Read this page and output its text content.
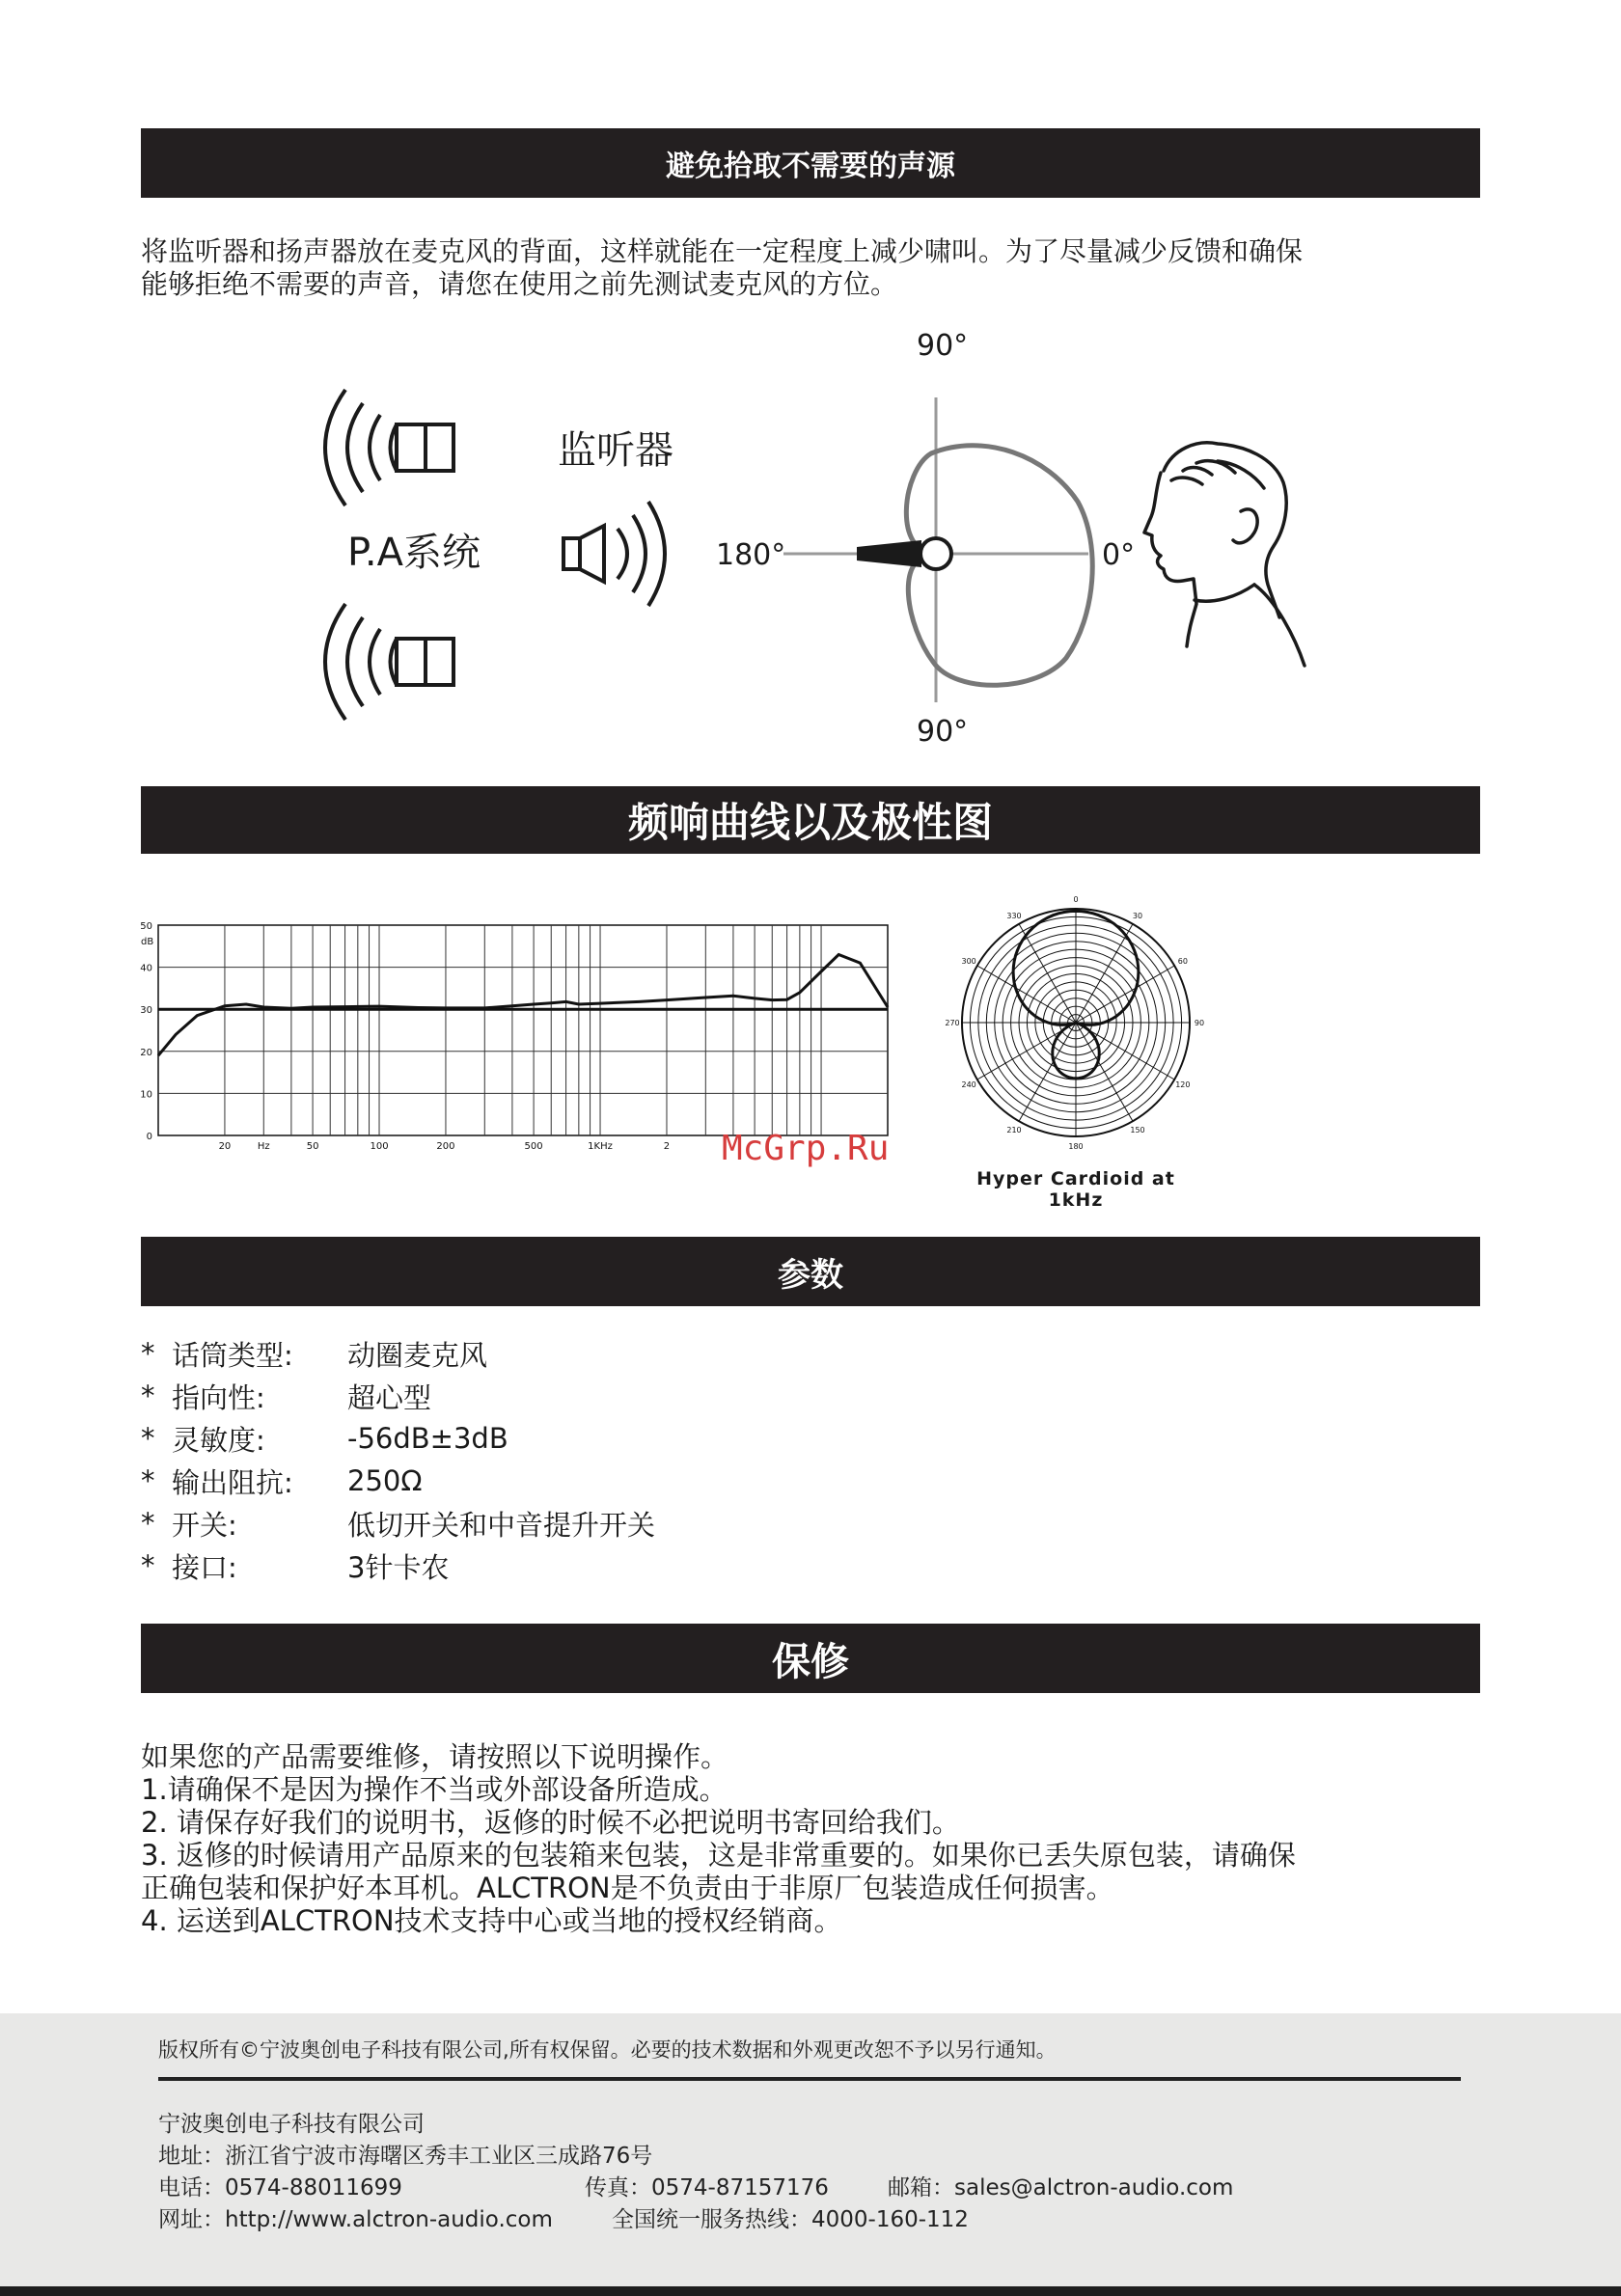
避免拾取不需要的声源

将监听器和扬声器放在麦克风的背面，这样就能在一定程度上减少啸叫。为了尽量减少反馈和确保

能够拒绝不需要的声音，请您在使用之前先测试麦克风的方位。

P.A系统
监听器
90°
90°
180°	0°
频响曲线以及极性图
0
10
20
30
40
50
20	Hz	50	100	200	500	1KHz	2
dB
0
30
60
90
120
150
180
210
240
270
300
330
Hyper Cardioid at 1kHz
McGrp.Ru
参数
* 话筒类型:	动圈麦克风
* 指向性:	超心型
* 灵敏度:	-56dB±3dB
* 输出阻抗:	250Ω
* 开关:	低切开关和中音提升开关
* 接口:	3针卡农
保修

如果您的产品需要维修，请按照以下说明操作。

1.请确保不是因为操作不当或外部设备所造成。

2. 请保存好我们的说明书，返修的时候不必把说明书寄回给我们。

3. 返修的时候请用产品原来的包装箱来包装，这是非常重要的。如果你已丢失原包装，请确保

正确包装和保护好本耳机。ALCTRON是不负责由于非原厂包装造成任何损害。

4. 运送到ALCTRON技术支持中心或当地的授权经销商。

版权所有©宁波奥创电子科技有限公司,所有权保留。必要的技术数据和外观更改恕不予以另行通知。
宁波奥创电子科技有限公司
地址：浙江省宁波市海曙区秀丰工业区三成路76号
电话：0574-88011699	传真：0574-87157176	邮箱：sales@alctron-audio.com
网址：http://www.alctron-audio.com	全国统一服务热线：4000-160-112
